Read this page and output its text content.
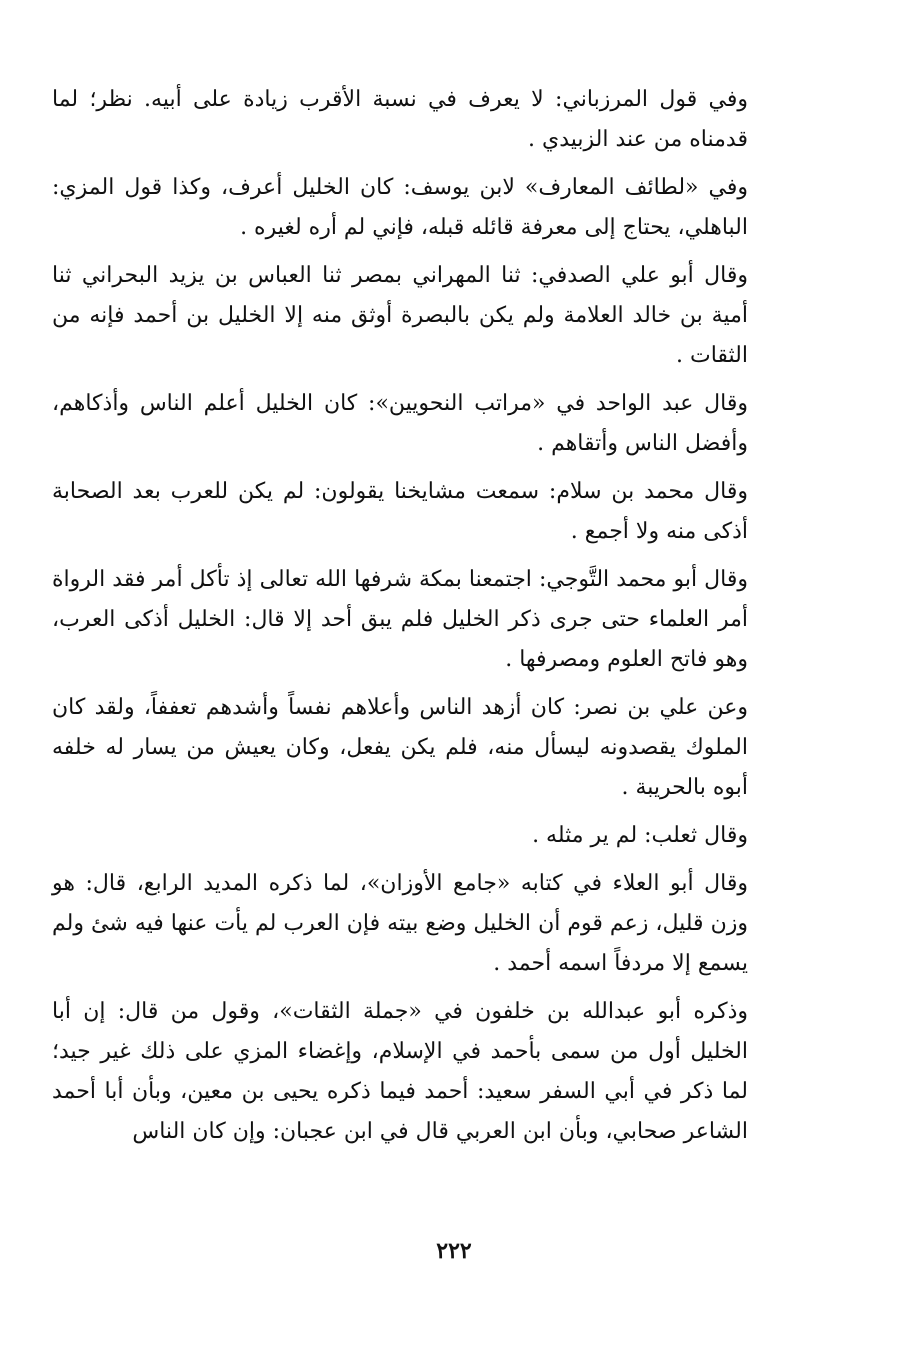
وفي قول المرزباني: لا يعرف في نسبة الأقرب زيادة على أبيه. نظر؛ لما قدمناه من عند الزبيدي .

وفي «لطائف المعارف» لابن يوسف: كان الخليل أعرف، وكذا قول المزي: الباهلي، يحتاج إلى معرفة قائله قبله، فإني لم أره لغيره .

وقال أبو علي الصدفي: ثنا المهراني بمصر ثنا العباس بن يزيد البحراني ثنا أمية بن خالد العلامة ولم يكن بالبصرة أوثق منه إلا الخليل بن أحمد فإنه من الثقات .

وقال عبد الواحد في «مراتب النحويين»: كان الخليل أعلم الناس وأذكاهم، وأفضل الناس وأتقاهم .

وقال محمد بن سلام: سمعت مشايخنا يقولون: لم يكن للعرب بعد الصحابة أذكى منه ولا أجمع .

وقال أبو محمد التَّوجي: اجتمعنا بمكة شرفها الله تعالى إذ تأكل أمر فقد الرواة أمر العلماء حتى جرى ذكر الخليل فلم يبق أحد إلا قال: الخليل أذكى العرب، وهو فاتح العلوم ومصرفها .

وعن علي بن نصر: كان أزهد الناس وأعلاهم نفساً وأشدهم تعففاً، ولقد كان الملوك يقصدونه ليسأل منه، فلم يكن يفعل، وكان يعيش من يسار له خلفه أبوه بالحريبة .

وقال ثعلب: لم ير مثله .

وقال أبو العلاء في كتابه «جامع الأوزان»، لما ذكره المديد الرابع، قال: هو وزن قليل، زعم قوم أن الخليل وضع بيته فإن العرب لم يأت عنها فيه شئ ولم يسمع إلا مردفاً اسمه أحمد .

وذكره أبو عبدالله بن خلفون في «جملة الثقات»، وقول من قال: إن أبا الخليل أول من سمى بأحمد في الإسلام، وإغضاء المزي على ذلك غير جيد؛ لما ذكر في أبي السفر سعيد: أحمد فيما ذكره يحيى بن معين، وبأن أبا أحمد الشاعر صحابي، وبأن ابن العربي قال في ابن عجبان: وإن كان الناس

٢٢٢
